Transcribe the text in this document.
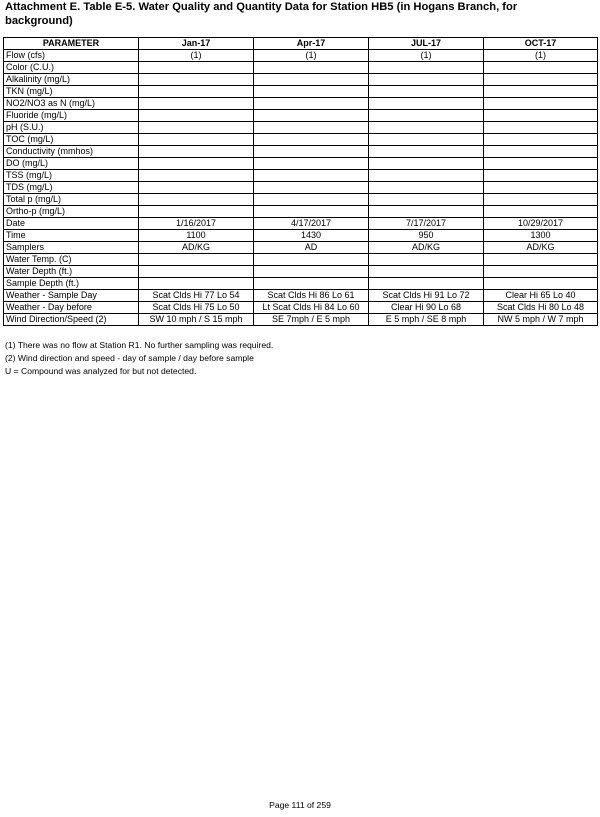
Attachment E. Table E-5. Water Quality and Quantity Data for Station HB5 (in Hogans Branch, for background)
PARAMETER	Jan-17	Apr-17	JUL-17	OCT-17
Flow (cfs)	(1)	(1)	(1)	(1)
Color (C.U.)				
Alkalinity (mg/L)				
TKN (mg/L)				
NO2/NO3 as N (mg/L)				
Fluoride (mg/L)				
pH (S.U.)				
TOC (mg/L)				
Conductivity (mmhos)				
DO (mg/L)				
TSS (mg/L)				
TDS (mg/L)				
Total p (mg/L)				
Ortho-p (mg/L)				
Date	1/16/2017	4/17/2017	7/17/2017	10/29/2017
Time	1100	1430	950	1300
Samplers	AD/KG	AD	AD/KG	AD/KG
Water Temp. (C)				
Water Depth (ft.)				
Sample Depth (ft.)				
Weather - Sample Day	Scat Clds Hi 77 Lo 54	Scat Clds Hi 86 Lo 61	Scat Clds Hi 91 Lo 72	Clear Hi 65 Lo 40
Weather - Day before	Scat Clds Hi 75 Lo 50	Lt Scat Clds Hi 84 Lo 60	Clear Hi 90 Lo 68	Scat Clds Hi 80 Lo 48
Wind Direction/Speed (2)	SW 10 mph / S 15 mph	SE 7mph / E 5 mph	E 5 mph / SE 8 mph	NW 5 mph / W 7 mph
(1) There was no flow at Station R1. No further sampling was required.
(2) Wind direction and speed - day of sample / day before sample
U = Compound was analyzed for but not detected.
Page 111 of 259
